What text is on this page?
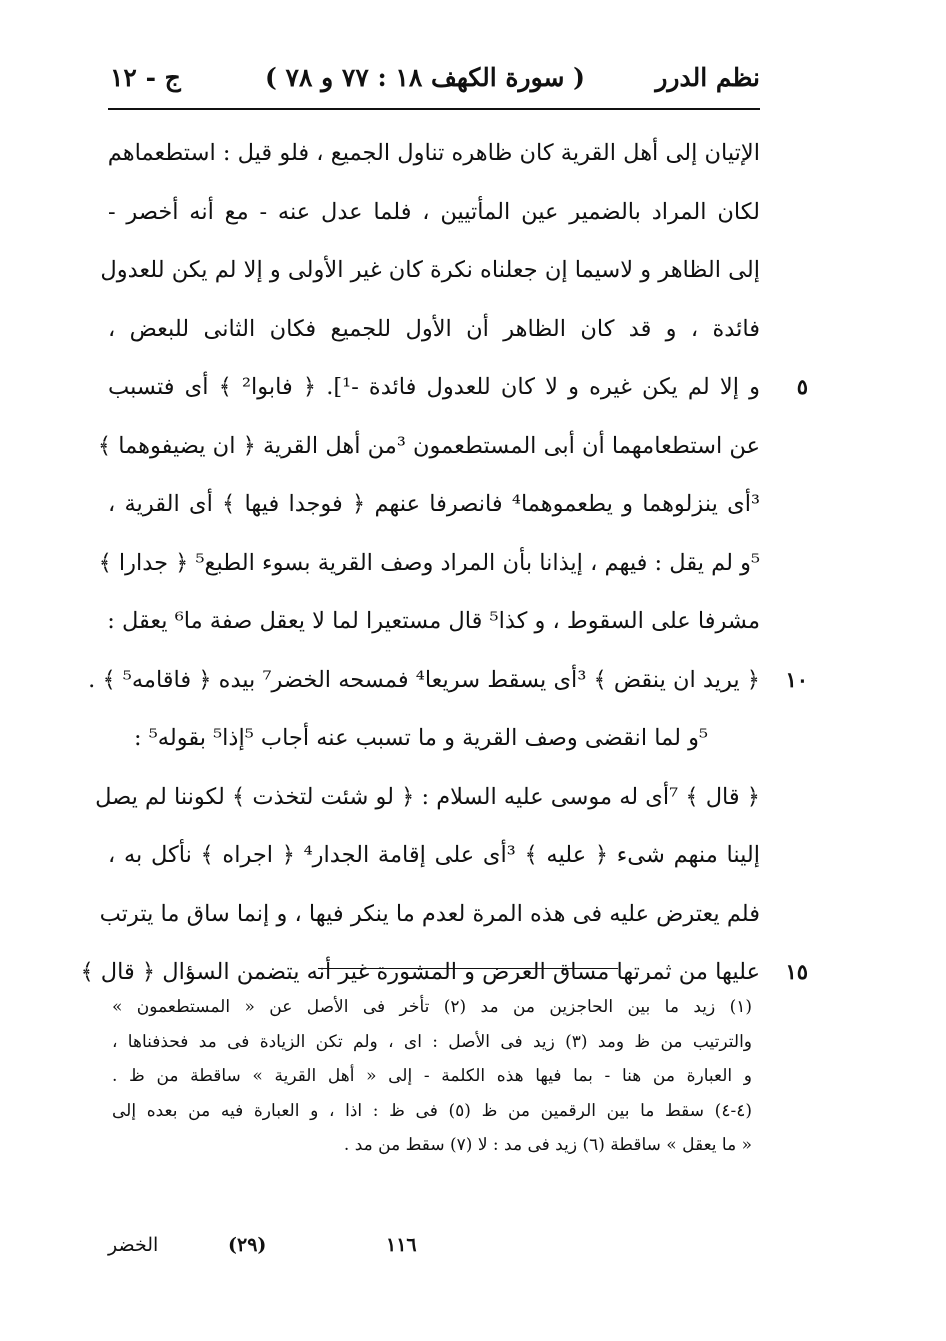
نظم الدرر
( سورة الكهف ١٨ : ٧٧ و ٧٨ )
ج - ١٢
الإتيان إلى أهل القرية كان ظاهره تناول الجميع ، فلو قيل : استطعماهم
لكان المراد بالضمير عين المأتيين ، فلما عدل عنه - مع أنه أخصر -
إلى الظاهر و لاسيما إن جعلناه نكرة كان غير الأولى و إلا لم يكن للعدول
فائدة ، و قد كان الظاهر أن الأول للجميع فكان الثانى للبعض ،
و إلا لم يكن غيره و لا كان للعدول فائدة -¹]. ﴿ فابوا² ﴾ أى فتسبب ٥
عن استطعامهما أن أبى المستطعمون ³من أهل القرية ﴿ ان يضيفوهما ﴾
³أى ينزلوهما و يطعموهما⁴ فانصرفا عنهم ﴿ فوجدا فيها ﴾ أى القرية ،
⁵و لم يقل : فيهم ، إيذانا بأن المراد وصف القرية بسوء الطبع⁵ ﴿ جدارا ﴾
مشرفا على السقوط ، و كذا⁵ قال مستعيرا لما لا يعقل صفة ما⁶ يعقل :
﴿ يريد ان ينقض ﴾ ³أى يسقط سريعا⁴ فمسحه الخضر⁷ بيده ﴿ فاقامه⁵ ﴾ . ١٠
⁵و لما انقضى وصف القرية و ما تسبب عنه أجاب ⁵إذا⁵ بقوله⁵ :
﴿ قال ﴾ ⁷أى له موسى عليه السلام : ﴿ لو شئت لتخذت ﴾ لكوننا لم يصل
إلينا منهم شىء ﴿ عليه ﴾ ³أى على إقامة الجدار⁴ ﴿ اجراه ﴾ نأكل به ،
فلم يعترض عليه فى هذه المرة لعدم ما ينكر فيها ، و إنما ساق ما يترتب
عليها من ثمرتها مساق العرض و المشورة غير أنه يتضمن السؤال ﴿ قال ﴾ ١٥
(١) زيد ما بين الحاجزين من مد (٢) تأخر فى الأصل عن « المستطعمون »
والترتيب من ظ ومد (٣) زيد فى الأصل : اى ، ولم تكن الزيادة فى مد فحذفناها ،
و العبارة من هنا - بما فيها هذه الكلمة - إلى « أهل القرية » ساقطة من ظ .
(٤-٤) سقط ما بين الرقمين من ظ (٥) فى ظ : اذا ، و العبارة فيه من بعده إلى
« ما يعقل » ساقطة (٦) زيد فى مد : لا (٧) سقط من مد .
الخضر	(٢٩)	١١٦
